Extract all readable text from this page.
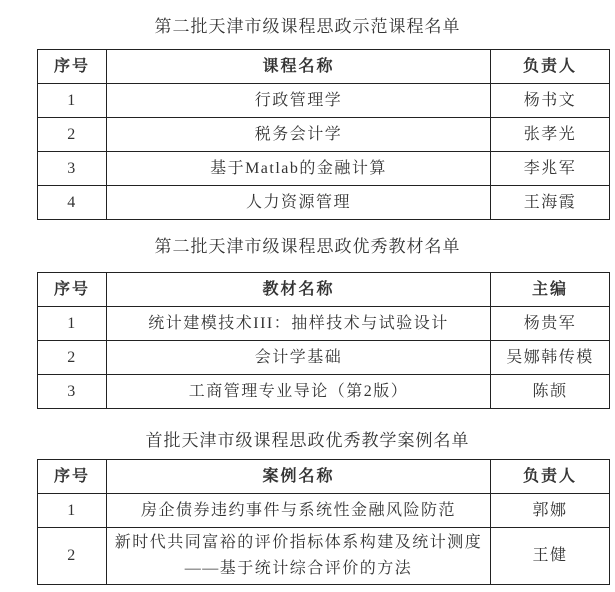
第二批天津市级课程思政示范课程名单
序号	课程名称	负责人
1	行政管理学	杨书文
2	税务会计学	张孝光
3	基于Matlab的金融计算	李兆军
4	人力资源管理	王海霞
第二批天津市级课程思政优秀教材名单
序号	教材名称	主编
1	统计建模技术III：抽样技术与试验设计	杨贵军
2	会计学基础	吴娜韩传模
3	工商管理专业导论（第2版）	陈颉
首批天津市级课程思政优秀教学案例名单
序号	案例名称	负责人
1	房企债券违约事件与系统性金融风险防范	郭娜
2	新时代共同富裕的评价指标体系构建及统计测度——基于统计综合评价的方法	王健
